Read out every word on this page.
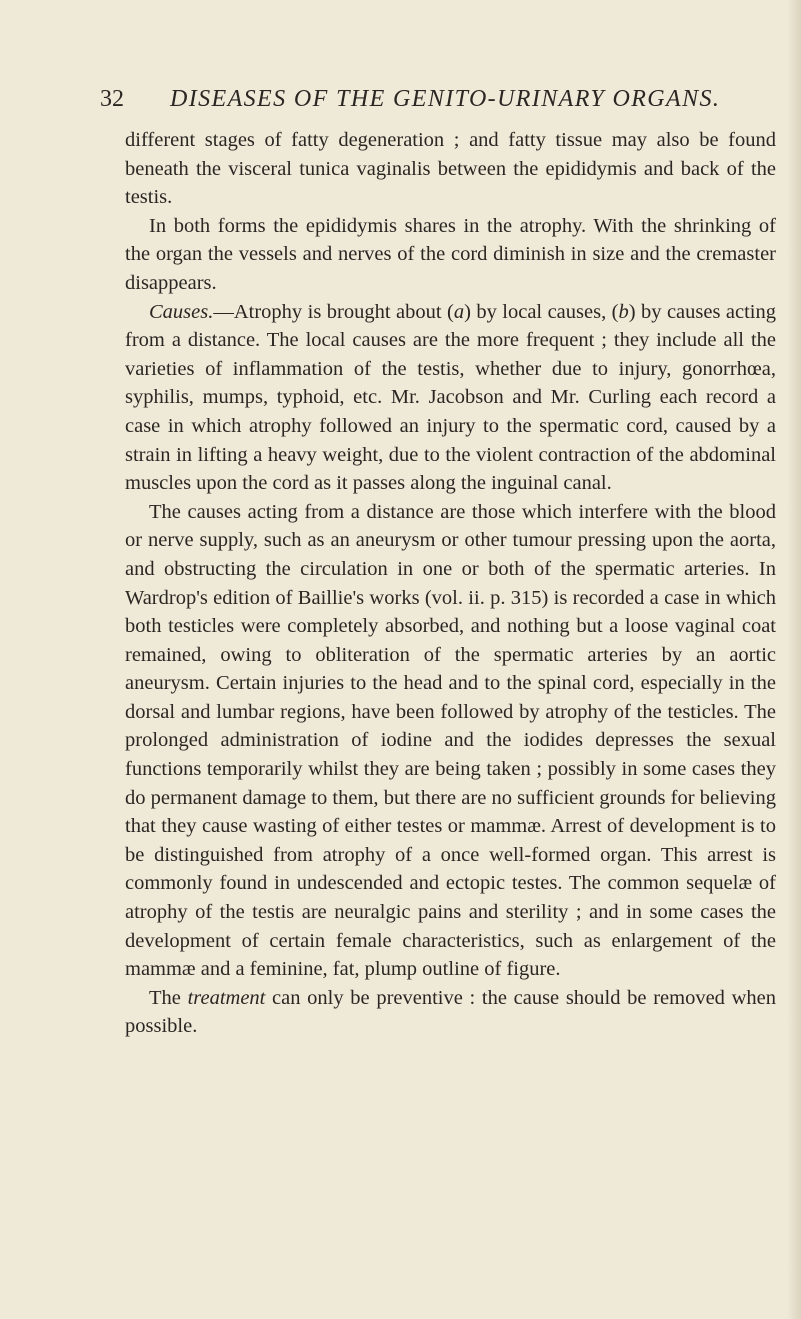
32 DISEASES OF THE GENITO-URINARY ORGANS.

different stages of fatty degeneration ; and fatty tissue may also be found beneath the visceral tunica vaginalis between the epididymis and back of the testis.

In both forms the epididymis shares in the atrophy. With the shrinking of the organ the vessels and nerves of the cord diminish in size and the cremaster disappears.

Causes.—Atrophy is brought about (a) by local causes, (b) by causes acting from a distance. The local causes are the more frequent ; they include all the varieties of inflammation of the testis, whether due to injury, gonorrhœa, syphilis, mumps, typhoid, etc. Mr. Jacobson and Mr. Curling each record a case in which atrophy followed an injury to the spermatic cord, caused by a strain in lifting a heavy weight, due to the violent contraction of the abdominal muscles upon the cord as it passes along the inguinal canal.

The causes acting from a distance are those which interfere with the blood or nerve supply, such as an aneurysm or other tumour pressing upon the aorta, and obstructing the circulation in one or both of the spermatic arteries. In Wardrop's edition of Baillie's works (vol. ii. p. 315) is recorded a case in which both testicles were completely absorbed, and nothing but a loose vaginal coat remained, owing to obliteration of the spermatic arteries by an aortic aneurysm. Certain injuries to the head and to the spinal cord, especially in the dorsal and lumbar regions, have been followed by atrophy of the testicles. The prolonged administration of iodine and the iodides depresses the sexual functions temporarily whilst they are being taken ; possibly in some cases they do permanent damage to them, but there are no sufficient grounds for believing that they cause wasting of either testes or mammæ. Arrest of development is to be distinguished from atrophy of a once well-formed organ. This arrest is commonly found in undescended and ectopic testes. The common sequelæ of atrophy of the testis are neuralgic pains and sterility ; and in some cases the development of certain female characteristics, such as enlargement of the mammæ and a feminine, fat, plump outline of figure.

The treatment can only be preventive : the cause should be removed when possible.
